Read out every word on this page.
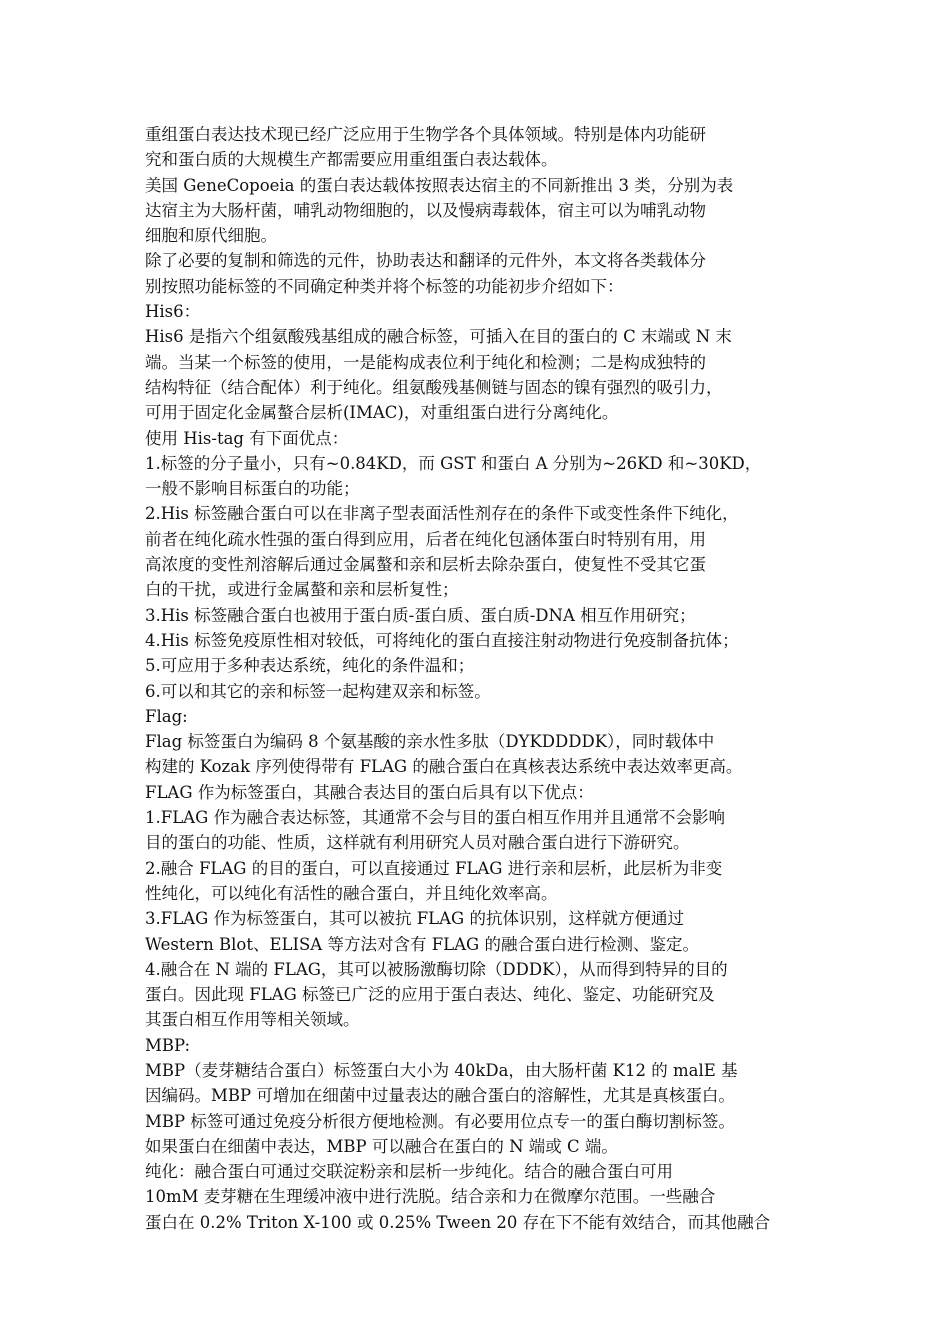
重组蛋白表达技术现已经广泛应用于生物学各个具体领域。特别是体内功能研
究和蛋白质的大规模生产都需要应用重组蛋白表达载体。
美国 GeneCopoeia 的蛋白表达载体按照表达宿主的不同新推出 3 类，分别为表
达宿主为大肠杆菌，哺乳动物细胞的，以及慢病毒载体，宿主可以为哺乳动物
细胞和原代细胞。
除了必要的复制和筛选的元件，协助表达和翻译的元件外，本文将各类载体分
别按照功能标签的不同确定种类并将个标签的功能初步介绍如下：
His6：
His6 是指六个组氨酸残基组成的融合标签，可插入在目的蛋白的 C 末端或 N 末
端。当某一个标签的使用，一是能构成表位利于纯化和检测；二是构成独特的
结构特征（结合配体）利于纯化。组氨酸残基侧链与固态的镍有强烈的吸引力，
可用于固定化金属螯合层析(IMAC)，对重组蛋白进行分离纯化。
使用 His-tag 有下面优点：
1.标签的分子量小，只有~0.84KD，而 GST 和蛋白 A 分别为~26KD 和~30KD，
一般不影响目标蛋白的功能；
2.His 标签融合蛋白可以在非离子型表面活性剂存在的条件下或变性条件下纯化，
前者在纯化疏水性强的蛋白得到应用，后者在纯化包涵体蛋白时特别有用，用
高浓度的变性剂溶解后通过金属螯和亲和层析去除杂蛋白，使复性不受其它蛋
白的干扰，或进行金属螯和亲和层析复性；
3.His 标签融合蛋白也被用于蛋白质-蛋白质、蛋白质-DNA 相互作用研究；
4.His 标签免疫原性相对较低，可将纯化的蛋白直接注射动物进行免疫制备抗体；
5.可应用于多种表达系统，纯化的条件温和；
6.可以和其它的亲和标签一起构建双亲和标签。
Flag:
Flag 标签蛋白为编码 8 个氨基酸的亲水性多肽（DYKDDDDK），同时载体中
构建的 Kozak 序列使得带有 FLAG 的融合蛋白在真核表达系统中表达效率更高。
FLAG 作为标签蛋白，其融合表达目的蛋白后具有以下优点：
1.FLAG 作为融合表达标签，其通常不会与目的蛋白相互作用并且通常不会影响
目的蛋白的功能、性质，这样就有利用研究人员对融合蛋白进行下游研究。
2.融合 FLAG 的目的蛋白，可以直接通过 FLAG 进行亲和层析，此层析为非变
性纯化，可以纯化有活性的融合蛋白，并且纯化效率高。
3.FLAG 作为标签蛋白，其可以被抗 FLAG 的抗体识别，这样就方便通过
Western Blot、ELISA 等方法对含有 FLAG 的融合蛋白进行检测、鉴定。
4.融合在 N 端的 FLAG，其可以被肠激酶切除（DDDK），从而得到特异的目的
蛋白。因此现 FLAG 标签已广泛的应用于蛋白表达、纯化、鉴定、功能研究及
其蛋白相互作用等相关领域。
MBP:
MBP（麦芽糖结合蛋白）标签蛋白大小为 40kDa，由大肠杆菌 K12 的 malE 基
因编码。MBP 可增加在细菌中过量表达的融合蛋白的溶解性，尤其是真核蛋白。
MBP 标签可通过免疫分析很方便地检测。有必要用位点专一的蛋白酶切割标签。
如果蛋白在细菌中表达，MBP 可以融合在蛋白的 N 端或 C 端。
纯化：融合蛋白可通过交联淀粉亲和层析一步纯化。结合的融合蛋白可用
10mM 麦芽糖在生理缓冲液中进行洗脱。结合亲和力在微摩尔范围。一些融合
蛋白在 0.2% Triton X-100 或 0.25% Tween 20 存在下不能有效结合，而其他融合
